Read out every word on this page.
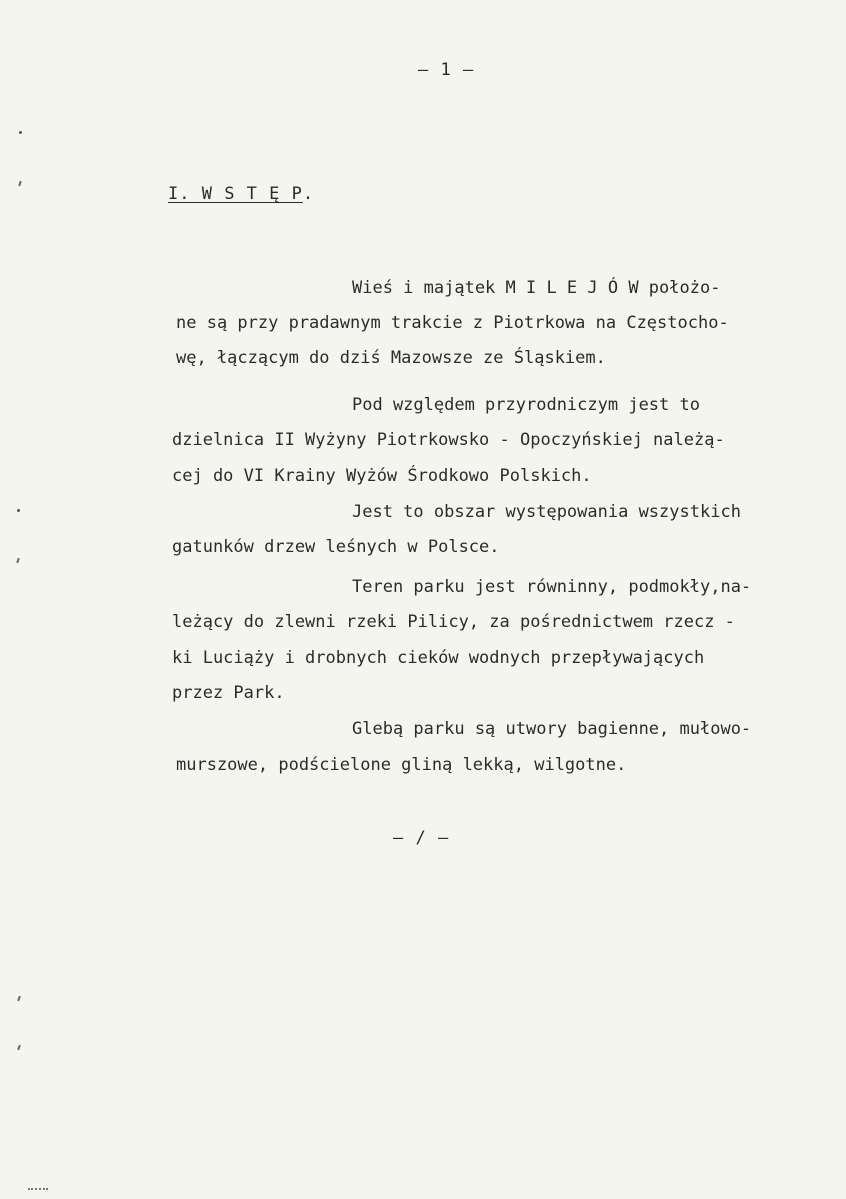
— 1 —
I. W S T Ę P.
Wieś i majątek M I L E J Ó W położo-
ne są przy pradawnym trakcie z Piotrkowa na Częstocho-
wę, łączącym do dziś Mazowsze ze Śląskiem.
Pod względem przyrodniczym jest to
dzielnica II Wyżyny Piotrkowsko - Opoczyńskiej należą-
cej do VI Krainy Wyżów Środkowo Polskich.
Jest to obszar występowania wszystkich
gatunków drzew leśnych w Polsce.
Teren parku jest równinny, podmokły,na-
leżący do zlewni rzeki Pilicy, za pośrednictwem rzecz -
ki Luciąży i drobnych cieków wodnych przepływających
przez Park.
Glebą parku są utwory bagienne, mułowo-
murszowe, podścielone gliną lekką, wilgotne.
— / —
